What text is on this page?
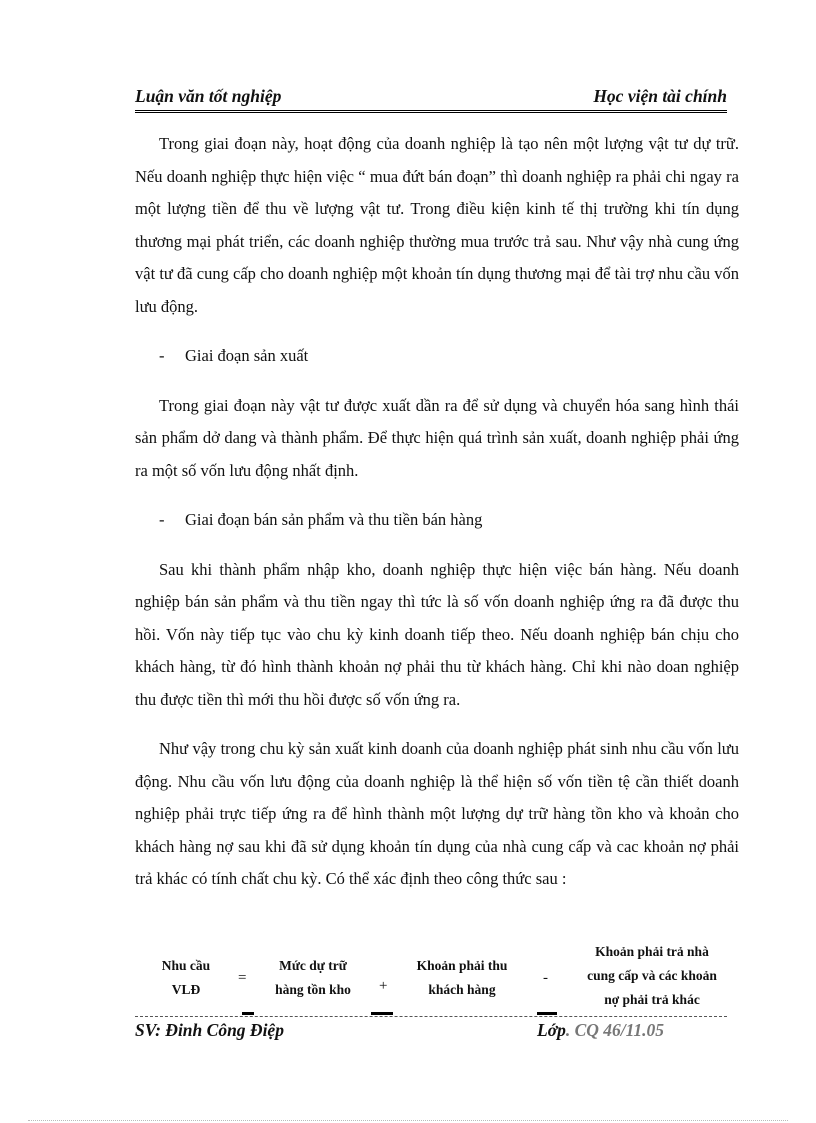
Luận văn tốt nghiệp	Học viện tài chính

Trong giai đoạn này, hoạt động của doanh nghiệp là tạo nên một lượng vật tư dự trữ. Nếu doanh nghiệp thực hiện việc “ mua đứt bán đoạn” thì doanh nghiệp ra phải chi ngay ra một lượng tiền để thu về lượng vật tư. Trong điều kiện kinh tế thị trường khi tín dụng thương mại phát triển, các doanh nghiệp thường mua trước trả sau. Như vậy nhà cung ứng vật tư đã cung cấp cho doanh nghiệp một khoản tín dụng thương mại để tài trợ nhu cầu vốn lưu động.

- Giai đoạn sản xuất

Trong giai đoạn này vật tư được xuất dần ra để sử dụng và chuyển hóa sang hình thái sản phẩm dở dang và thành phẩm. Để thực hiện quá trình sản xuất, doanh nghiệp phải ứng ra một số vốn lưu động nhất định.

- Giai đoạn bán sản phẩm và thu tiền bán hàng

Sau khi thành phẩm nhập kho, doanh nghiệp thực hiện việc bán hàng. Nếu doanh nghiệp bán sản phẩm và thu tiền ngay thì tức là số vốn doanh nghiệp ứng ra đã được thu hồi. Vốn này tiếp tục vào chu kỳ kinh doanh tiếp theo. Nếu doanh nghiệp bán chịu cho khách hàng, từ đó hình thành khoản nợ phải thu từ khách hàng. Chỉ khi nào doan nghiệp thu được tiền thì mới thu hồi được số vốn ứng ra.

Như vậy trong chu kỳ sản xuất kinh doanh của doanh nghiệp phát sinh nhu cầu vốn lưu động. Nhu cầu vốn lưu động của doanh nghiệp là thể hiện số vốn tiền tệ cần thiết doanh nghiệp phải trực tiếp ứng ra để hình thành một lượng dự trữ hàng tồn kho và khoản cho khách hàng nợ sau khi đã sử dụng khoản tín dụng của nhà cung cấp và cac khoản nợ phải trả khác có tính chất chu kỳ. Có thể xác định theo công thức sau :

Nhu cầu
VLĐ
=
Mức dự trữ
hàng tồn kho	+
Khoản phải thu
khách hàng
-
Khoản phải trả nhà
cung cấp và các khoản
nợ phải trả khác
SV: Đinh Công Điệp	Lớp. CQ 46/11.05
